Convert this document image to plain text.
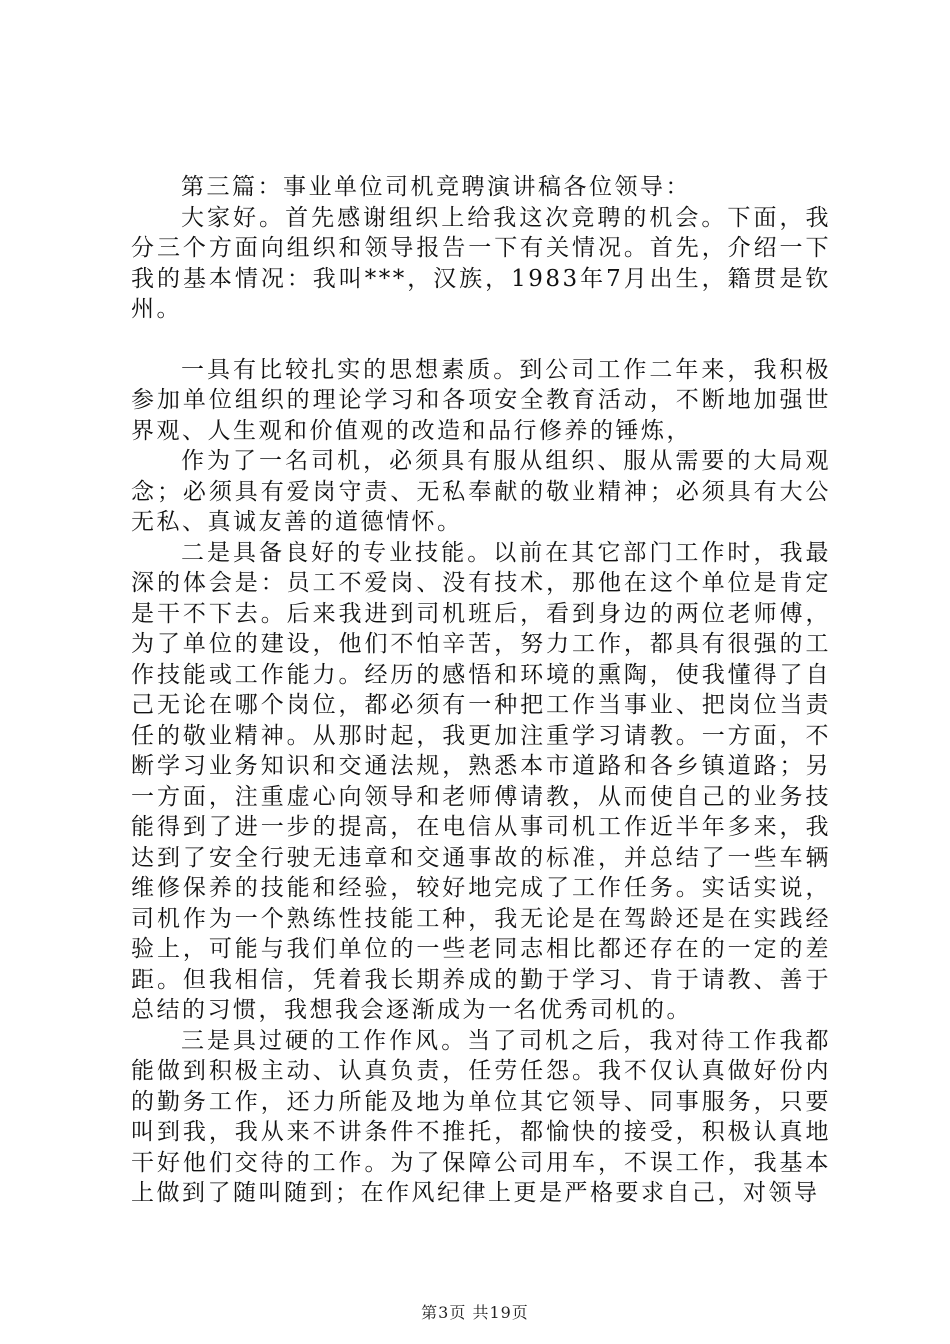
第三篇：事业单位司机竞聘演讲稿各位领导：

大家好。首先感谢组织上给我这次竞聘的机会。下面，我分三个方面向组织和领导报告一下有关情况。首先，介绍一下我的基本情况：我叫***，汉族，1983年7月出生，籍贯是钦州。

一具有比较扎实的思想素质。到公司工作二年来，我积极参加单位组织的理论学习和各项安全教育活动，不断地加强世界观、人生观和价值观的改造和品行修养的锤炼，

作为了一名司机，必须具有服从组织、服从需要的大局观念；必须具有爱岗守责、无私奉献的敬业精神；必须具有大公无私、真诚友善的道德情怀。

二是具备良好的专业技能。以前在其它部门工作时，我最深的体会是：员工不爱岗、没有技术，那他在这个单位是肯定是干不下去。后来我进到司机班后，看到身边的两位老师傅，为了单位的建设，他们不怕辛苦，努力工作，都具有很强的工作技能或工作能力。经历的感悟和环境的熏陶，使我懂得了自己无论在哪个岗位，都必须有一种把工作当事业、把岗位当责任的敬业精神。从那时起，我更加注重学习请教。一方面，不断学习业务知识和交通法规，熟悉本市道路和各乡镇道路；另一方面，注重虚心向领导和老师傅请教，从而使自己的业务技能得到了进一步的提高，在电信从事司机工作近半年多来，我达到了安全行驶无违章和交通事故的标准，并总结了一些车辆维修保养的技能和经验，较好地完成了工作任务。实话实说，司机作为一个熟练性技能工种，我无论是在驾龄还是在实践经验上，可能与我们单位的一些老同志相比都还存在的一定的差距。但我相信，凭着我长期养成的勤于学习、肯于请教、善于总结的习惯，我想我会逐渐成为一名优秀司机的。

三是具过硬的工作作风。当了司机之后，我对待工作我都能做到积极主动、认真负责，任劳任怨。我不仅认真做好份内的勤务工作，还力所能及地为单位其它领导、同事服务，只要叫到我，我从来不讲条件不推托，都愉快的接受，积极认真地干好他们交待的工作。为了保障公司用车，不误工作，我基本上做到了随叫随到；在作风纪律上更是严格要求自己，对领导

第3页 共19页
